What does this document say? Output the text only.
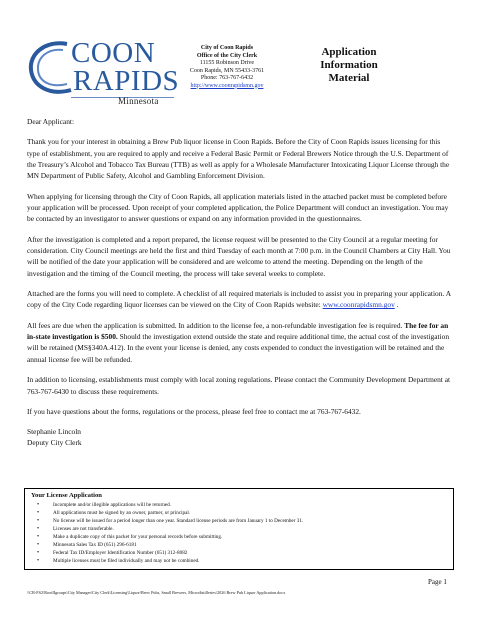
COON
RAPIDS
Minnesota
City of Coon Rapids
Office of the City Clerk
11155 Robinson Drive
Coon Rapids, MN 55433-3761
Phone: 763-767-6432
http://www.coonrapidsmn.gov
Application
Information
Material

Dear Applicant:

Thank you for your interest in obtaining a Brew Pub liquor license in Coon Rapids. Before the City of Coon Rapids issues licensing for this type of establishment, you are required to apply and receive a Federal Basic Permit or Federal Brewers Notice through the U.S. Department of the Treasury’s Alcohol and Tobacco Tax Bureau (TTB) as well as apply for a Wholesale Manufacturer Intoxicating Liquor License through the MN Department of Public Safety, Alcohol and Gambling Enforcement Division.

When applying for licensing through the City of Coon Rapids, all application materials listed in the attached packet must be completed before your application will be processed. Upon receipt of your completed application, the Police Department will conduct an investigation. You may be contacted by an investigator to answer questions or expand on any information provided in the questionnaires.

After the investigation is completed and a report prepared, the license request will be presented to the City Council at a regular meeting for consideration. City Council meetings are held the first and third Tuesday of each month at 7:00 p.m. in the Council Chambers at City Hall. You will be notified of the date your application will be considered and are welcome to attend the meeting. Depending on the length of the investigation and the timing of the Council meeting, the process will take several weeks to complete.

Attached are the forms you will need to complete. A checklist of all required materials is included to assist you in preparing your application. A copy of the City Code regarding liquor licenses can be viewed on the City of Coon Rapids website: www.coonrapidsmn.gov .

All fees are due when the application is submitted. In addition to the license fee, a non-refundable investigation fee is required. The fee for an in-state investigation is $500. Should the investigation extend outside the state and require additional time, the actual cost of the investigation will be retained (MS§340A.412). In the event your license is denied, any costs expended to conduct the investigation will be retained and the annual license fee will be refunded.

In addition to licensing, establishments must comply with local zoning regulations. Please contact the Community Development Department at 763-767-6430 to discuss these requirements.

If you have questions about the forms, regulations or the process, please feel free to contact me at 763-767-6432.

Stephanie Lincoln

Deputy City Clerk

Your License Application
• Incomplete and/or illegible applications will be returned.
• All applications must be signed by an owner, partner, or principal.
• No license will be issued for a period longer than one year. Standard license periods are from January 1 to December 31.
• Licenses are not transferable.
• Make a duplicate copy of this packet for your personal records before submitting.
• Minnesota Sales Tax ID (651) 296-6181
• Federal Tax ID/Employer Identification Number (651) 312-8082
• Multiple licenses must be filed individually and may not be combined.
Page 1
\\CR-FS2\RootIIgroups\City Manager\City Clerk\Licensing\Liquor\Brew Pubs, Small Brewers, Microdistilleries\2026 Brew Pub Liquor Application.docx
